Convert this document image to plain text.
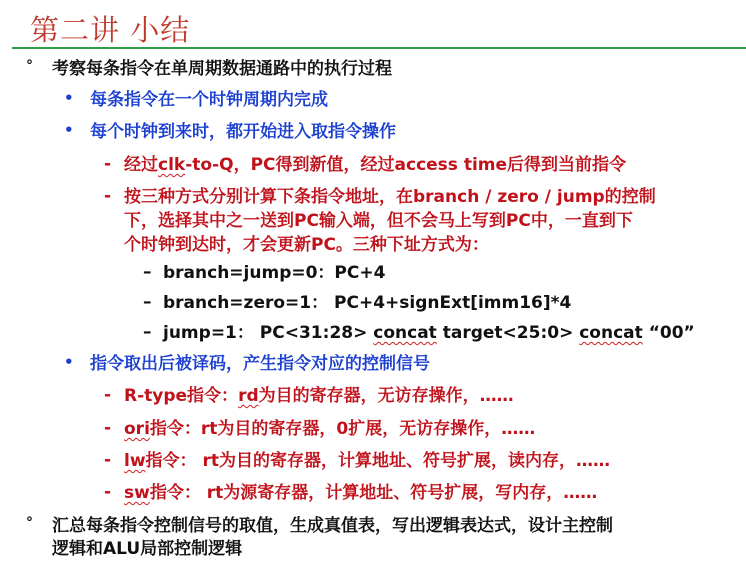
第二讲 小结
° 考察每条指令在单周期数据通路中的执行过程
• 每条指令在一个时钟周期内完成
• 每个时钟到来时，都开始进入取指令操作
- 经过clk-to-Q，PC得到新值，经过access time后得到当前指令
- 按三种方式分别计算下条指令地址，在branch / zero / jump的控制
下，选择其中之一送到PC输入端，但不会马上写到PC中，一直到下
个时钟到达时，才会更新PC。三种下址方式为：
– branch=jump=0：PC+4
– branch=zero=1： PC+4+signExt[imm16]*4
– jump=1： PC<31:28> concat target<25:0> concat “00”
• 指令取出后被译码，产生指令对应的控制信号
- R-type指令：rd为目的寄存器，无访存操作，……
- ori指令：rt为目的寄存器，0扩展，无访存操作，……
- lw指令： rt为目的寄存器，计算地址、符号扩展，读内存，……
- sw指令： rt为源寄存器，计算地址、符号扩展，写内存，……
° 汇总每条指令控制信号的取值，生成真值表，写出逻辑表达式，设计主控制
逻辑和ALU局部控制逻辑
